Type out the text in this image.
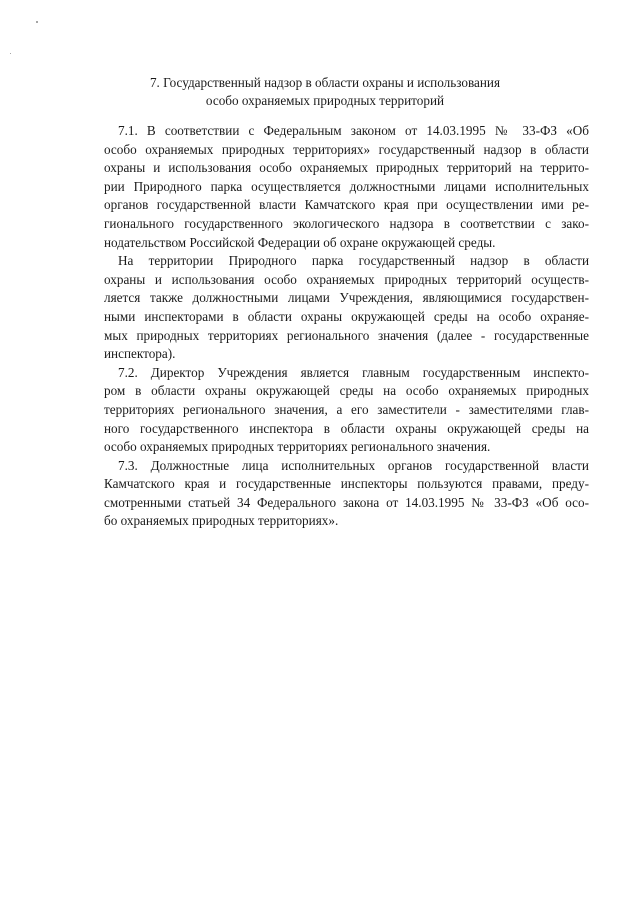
7. Государственный надзор в области охраны и использования
особо охраняемых природных территорий
7.1. В соответствии с Федеральным законом от 14.03.1995 № 33-ФЗ «Об
особо охраняемых природных территориях» государственный надзор в области
охраны и использования особо охраняемых природных территорий на террито-
рии Природного парка осуществляется должностными лицами исполнительных
органов государственной власти Камчатского края при осуществлении ими ре-
гионального государственного экологического надзора в соответствии с зако-
нодательством Российской Федерации об охране окружающей среды.
На территории Природного парка государственный надзор в области
охраны и использования особо охраняемых природных территорий осуществ-
ляется также должностными лицами Учреждения, являющимися государствен-
ными инспекторами в области охраны окружающей среды на особо охраняе-
мых природных территориях регионального значения (далее - государственные
инспектора).
7.2. Директор Учреждения является главным государственным инспекто-
ром в области охраны окружающей среды на особо охраняемых природных
территориях регионального значения, а его заместители - заместителями глав-
ного государственного инспектора в области охраны окружающей среды на
особо охраняемых природных территориях регионального значения.
7.3. Должностные лица исполнительных органов государственной власти
Камчатского края и государственные инспекторы пользуются правами, преду-
смотренными статьей 34 Федерального закона от 14.03.1995 № 33-ФЗ «Об осо-
бо охраняемых природных территориях».
